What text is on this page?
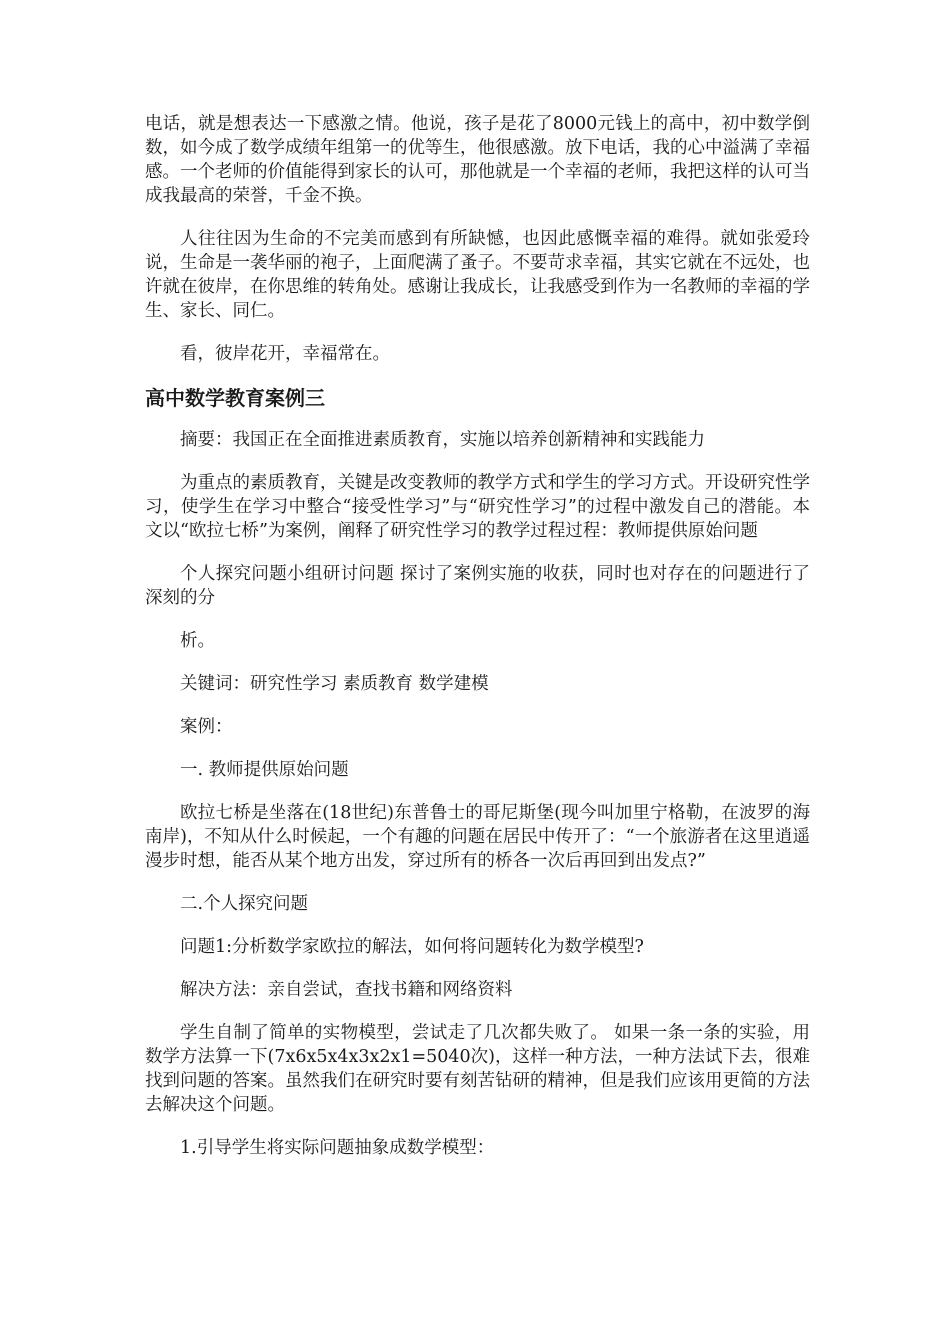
电话，就是想表达一下感激之情。他说，孩子是花了8000元钱上的高中，初中数学倒数，如今成了数学成绩年组第一的优等生，他很感激。放下电话，我的心中溢满了幸福感。一个老师的价值能得到家长的认可，那他就是一个幸福的老师，我把这样的认可当成我最高的荣誉，千金不换。

人往往因为生命的不完美而感到有所缺憾，也因此感慨幸福的难得。就如张爱玲说，生命是一袭华丽的袍子，上面爬满了蚤子。不要苛求幸福，其实它就在不远处，也许就在彼岸，在你思维的转角处。感谢让我成长，让我感受到作为一名教师的幸福的学生、家长、同仁。

看，彼岸花开，幸福常在。

高中数学教育案例三

摘要：我国正在全面推进素质教育，实施以培养创新精神和实践能力

为重点的素质教育，关键是改变教师的教学方式和学生的学习方式。开设研究性学习，使学生在学习中整合“接受性学习”与“研究性学习”的过程中激发自己的潜能。本文以“欧拉七桥”为案例，阐释了研究性学习的教学过程过程：教师提供原始问题

个人探究问题小组研讨问题 探讨了案例实施的收获，同时也对存在的问题进行了深刻的分

析。

关键词：研究性学习 素质教育 数学建模

案例：

一. 教师提供原始问题

欧拉七桥是坐落在(18世纪)东普鲁士的哥尼斯堡(现今叫加里宁格勒，在波罗的海南岸)，不知从什么时候起，一个有趣的问题在居民中传开了：“一个旅游者在这里逍遥漫步时想，能否从某个地方出发，穿过所有的桥各一次后再回到出发点?”

二.个人探究问题

问题1:分析数学家欧拉的解法，如何将问题转化为数学模型?

解决方法：亲自尝试，查找书籍和网络资料

学生自制了简单的实物模型，尝试走了几次都失败了。 如果一条一条的实验，用数学方法算一下(7x6x5x4x3x2x1=5040次)，这样一种方法，一种方法试下去，很难找到问题的答案。虽然我们在研究时要有刻苦钻研的精神，但是我们应该用更简的方法去解决这个问题。

1.引导学生将实际问题抽象成数学模型：
